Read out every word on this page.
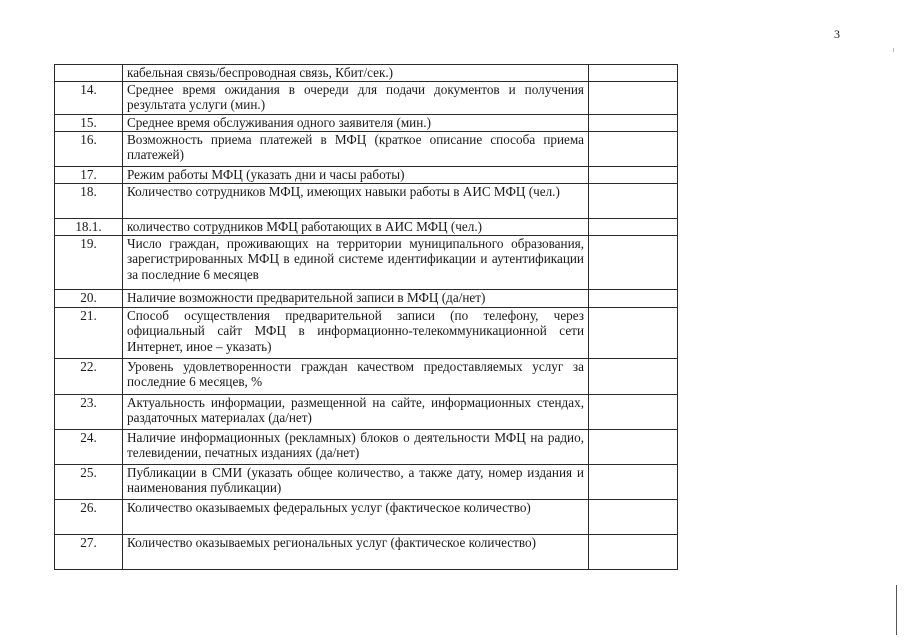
3
	кабельная связь/беспроводная связь, Кбит/сек.)	
14.	Среднее время ожидания в очереди для подачи документов и получения результата услуги (мин.)	
15.	Среднее время обслуживания одного заявителя (мин.)	
16.	Возможность приема платежей в МФЦ (краткое описание способа приема платежей)	
17.	Режим работы МФЦ (указать дни и часы работы)	
18.	Количество сотрудников МФЦ, имеющих навыки работы в АИС МФЦ (чел.)	
18.1.	количество сотрудников МФЦ работающих в АИС МФЦ (чел.)	
19.	Число граждан, проживающих на территории муниципального образования, зарегистрированных МФЦ в единой системе идентификации и аутентификации за последние 6 месяцев	
20.	Наличие возможности предварительной записи в МФЦ (да/нет)	
21.	Способ осуществления предварительной записи (по телефону, через официальный сайт МФЦ в информационно-телекоммуникационной сети Интернет, иное – указать)	
22.	Уровень удовлетворенности граждан качеством предоставляемых услуг за последние 6 месяцев, %	
23.	Актуальность информации, размещенной на сайте, информационных стендах, раздаточных материалах (да/нет)	
24.	Наличие информационных (рекламных) блоков о деятельности МФЦ на радио, телевидении, печатных изданиях (да/нет)	
25.	Публикации в СМИ (указать общее количество, а также дату, номер издания и наименования публикации)	
26.	Количество оказываемых федеральных услуг (фактическое количество)	
27.	Количество оказываемых региональных услуг (фактическое количество)	
